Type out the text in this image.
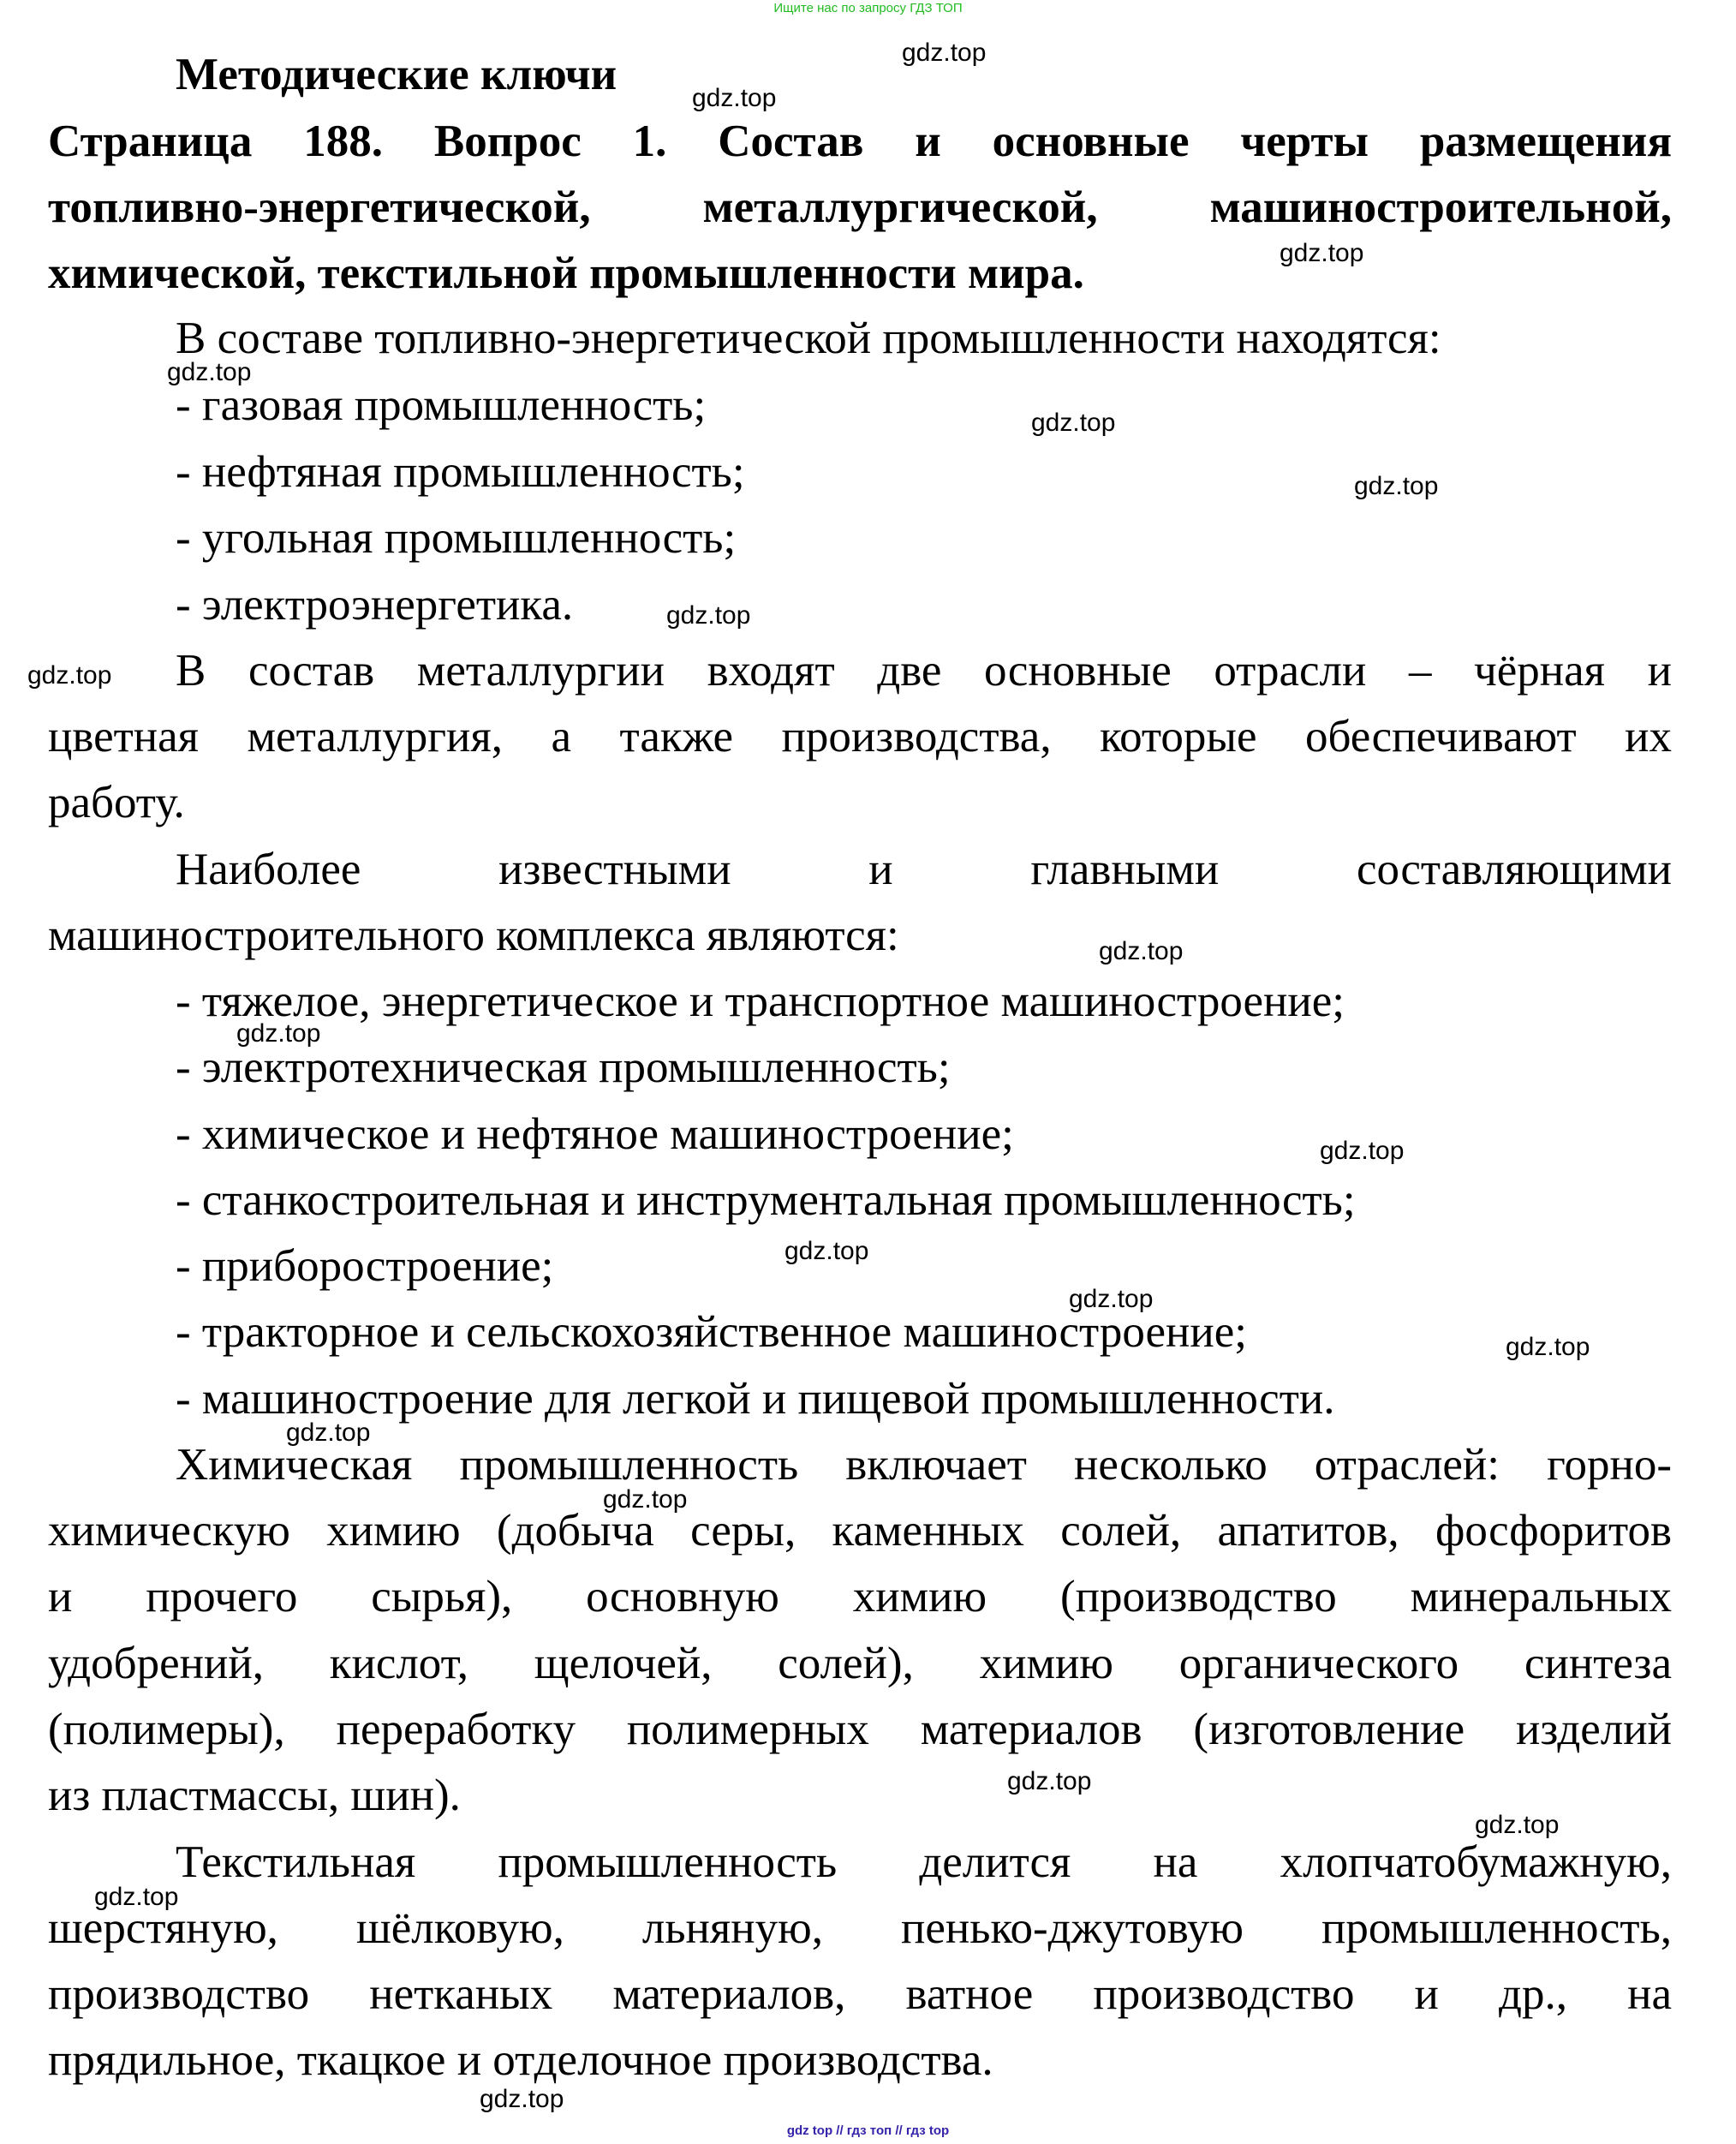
Ищите нас по запросу ГДЗ ТОП
Методические ключи
Страница 188. Вопрос 1. Состав и основные черты размещения
топливно-энергетической, металлургической, машиностроительной,
химической, текстильной промышленности мира.
В составе топливно-энергетической промышленности находятся:
- газовая промышленность;
- нефтяная промышленность;
- угольная промышленность;
- электроэнергетика.
В состав металлургии входят две основные отрасли – чёрная и
цветная металлургия, а также производства, которые обеспечивают их
работу.
Наиболее известными и главными составляющими
машиностроительного комплекса являются:
- тяжелое, энергетическое и транспортное машиностроение;
- электротехническая промышленность;
- химическое и нефтяное машиностроение;
- станкостроительная и инструментальная промышленность;
- приборостроение;
- тракторное и сельскохозяйственное машиностроение;
- машиностроение для легкой и пищевой промышленности.
Химическая промышленность включает несколько отраслей: горно-
химическую химию (добыча серы, каменных солей, апатитов, фосфоритов
и прочего сырья), основную химию (производство минеральных
удобрений, кислот, щелочей, солей), химию органического синтеза
(полимеры), переработку полимерных материалов (изготовление изделий
из пластмассы, шин).
Текстильная промышленность делится на хлопчатобумажную,
шерстяную, шёлковую, льняную, пенько-джутовую промышленность,
производство нетканых материалов, ватное производство и др., на
прядильное, ткацкое и отделочное производства.
gdz.top
gdz.top
gdz.top
gdz.top
gdz.top
gdz.top
gdz.top
gdz.top
gdz.top
gdz.top
gdz.top
gdz.top
gdz.top
gdz.top
gdz.top
gdz.top
gdz.top
gdz.top
gdz.top
gdz.top
gdz top // гдз топ // гдз top
